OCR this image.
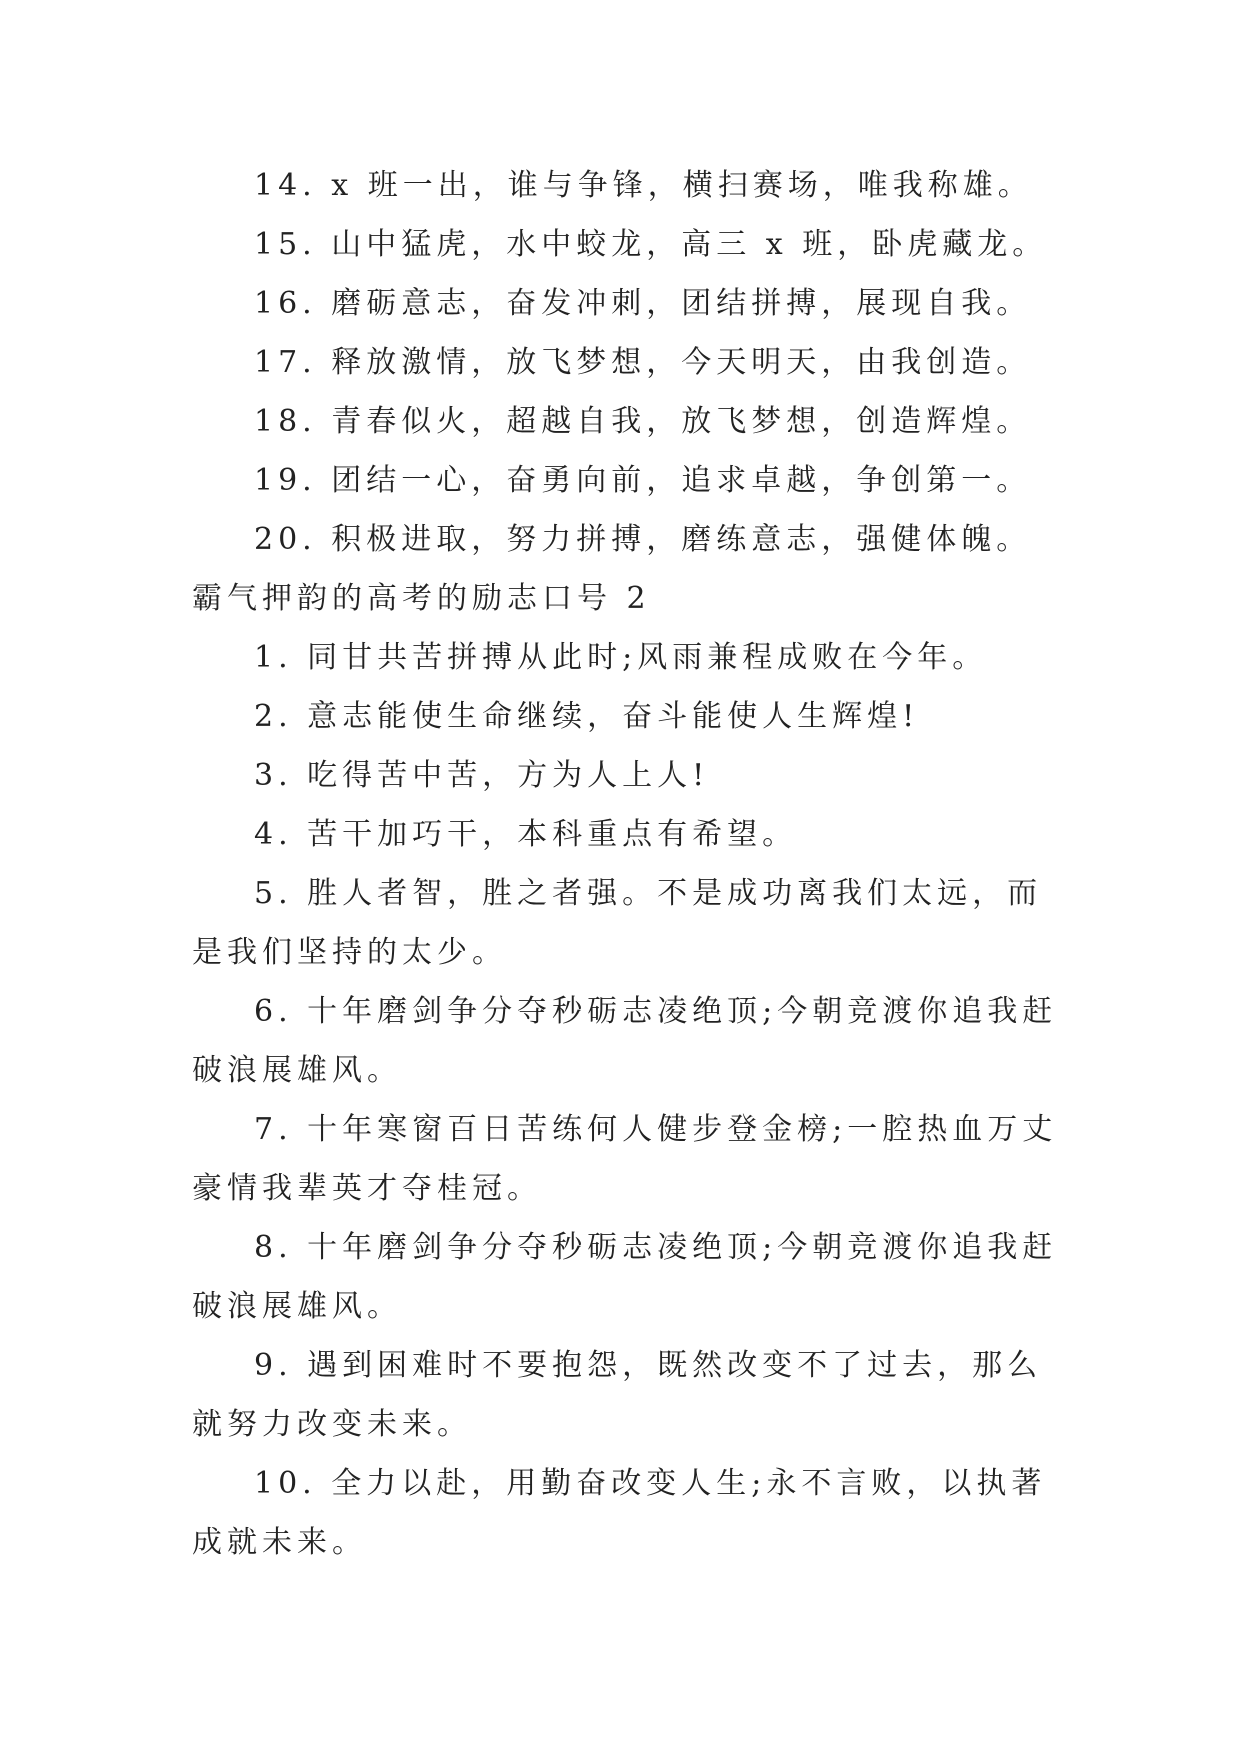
14. x 班一出，谁与争锋，横扫赛场，唯我称雄。

15. 山中猛虎，水中蛟龙，高三 x 班，卧虎藏龙。

16. 磨砺意志，奋发冲刺，团结拼搏，展现自我。

17. 释放激情，放飞梦想，今天明天，由我创造。

18. 青春似火，超越自我，放飞梦想，创造辉煌。

19. 团结一心，奋勇向前，追求卓越，争创第一。

20. 积极进取，努力拼搏，磨练意志，强健体魄。

霸气押韵的高考的励志口号 2

1. 同甘共苦拼搏从此时;风雨兼程成败在今年。

2. 意志能使生命继续，奋斗能使人生辉煌!

3. 吃得苦中苦，方为人上人!

4. 苦干加巧干，本科重点有希望。

5. 胜人者智，胜之者强。不是成功离我们太远，而是我们坚持的太少。

6. 十年磨剑争分夺秒砺志凌绝顶;今朝竞渡你追我赶破浪展雄风。

7. 十年寒窗百日苦练何人健步登金榜;一腔热血万丈豪情我辈英才夺桂冠。

8. 十年磨剑争分夺秒砺志凌绝顶;今朝竞渡你追我赶破浪展雄风。

9. 遇到困难时不要抱怨，既然改变不了过去，那么就努力改变未来。

10. 全力以赴，用勤奋改变人生;永不言败，以执著成就未来。
